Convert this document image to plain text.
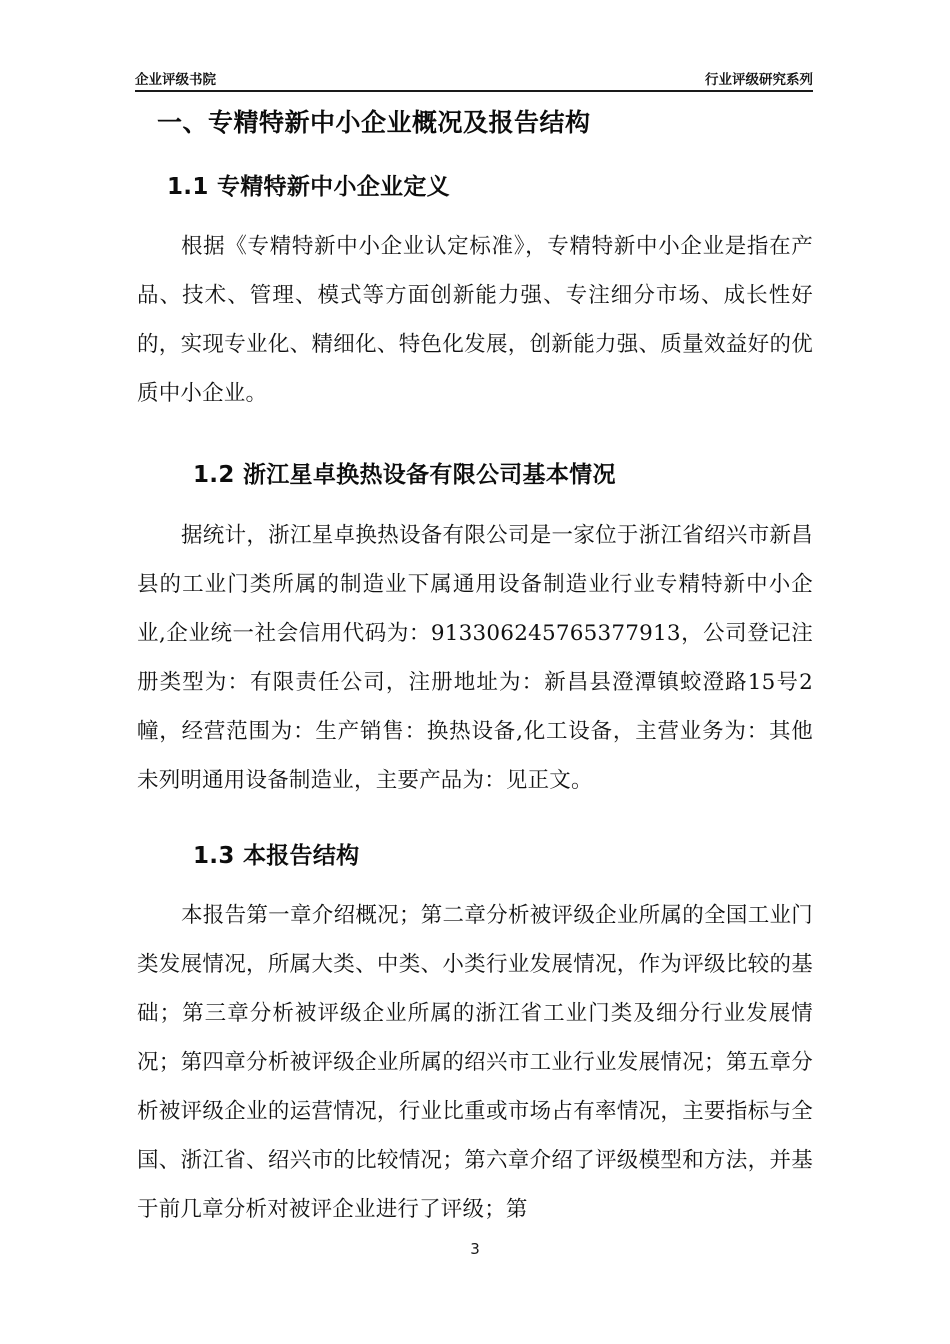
企业评级书院	行业评级研究系列
一、专精特新中小企业概况及报告结构
1.1 专精特新中小企业定义

根据《专精特新中小企业认定标准》，专精特新中小企业是指在产品、技术、管理、模式等方面创新能力强、专注细分市场、成长性好的，实现专业化、精细化、特色化发展，创新能力强、质量效益好的优质中小企业。

1.2 浙江星卓换热设备有限公司基本情况

据统计，浙江星卓换热设备有限公司是一家位于浙江省绍兴市新昌县的工业门类所属的制造业下属通用设备制造业行业专精特新中小企业,企业统一社会信用代码为：913306245765377913，公司登记注册类型为：有限责任公司，注册地址为：新昌县澄潭镇蛟澄路15号2幢，经营范围为：生产销售：换热设备,化工设备，主营业务为：其他未列明通用设备制造业，主要产品为：见正文。

1.3 本报告结构

本报告第一章介绍概况；第二章分析被评级企业所属的全国工业门类发展情况，所属大类、中类、小类行业发展情况，作为评级比较的基础；第三章分析被评级企业所属的浙江省工业门类及细分行业发展情况；第四章分析被评级企业所属的绍兴市工业行业发展情况；第五章分析被评级企业的运营情况，行业比重或市场占有率情况，主要指标与全国、浙江省、绍兴市的比较情况；第六章介绍了评级模型和方法，并基于前几章分析对被评企业进行了评级；第

3
